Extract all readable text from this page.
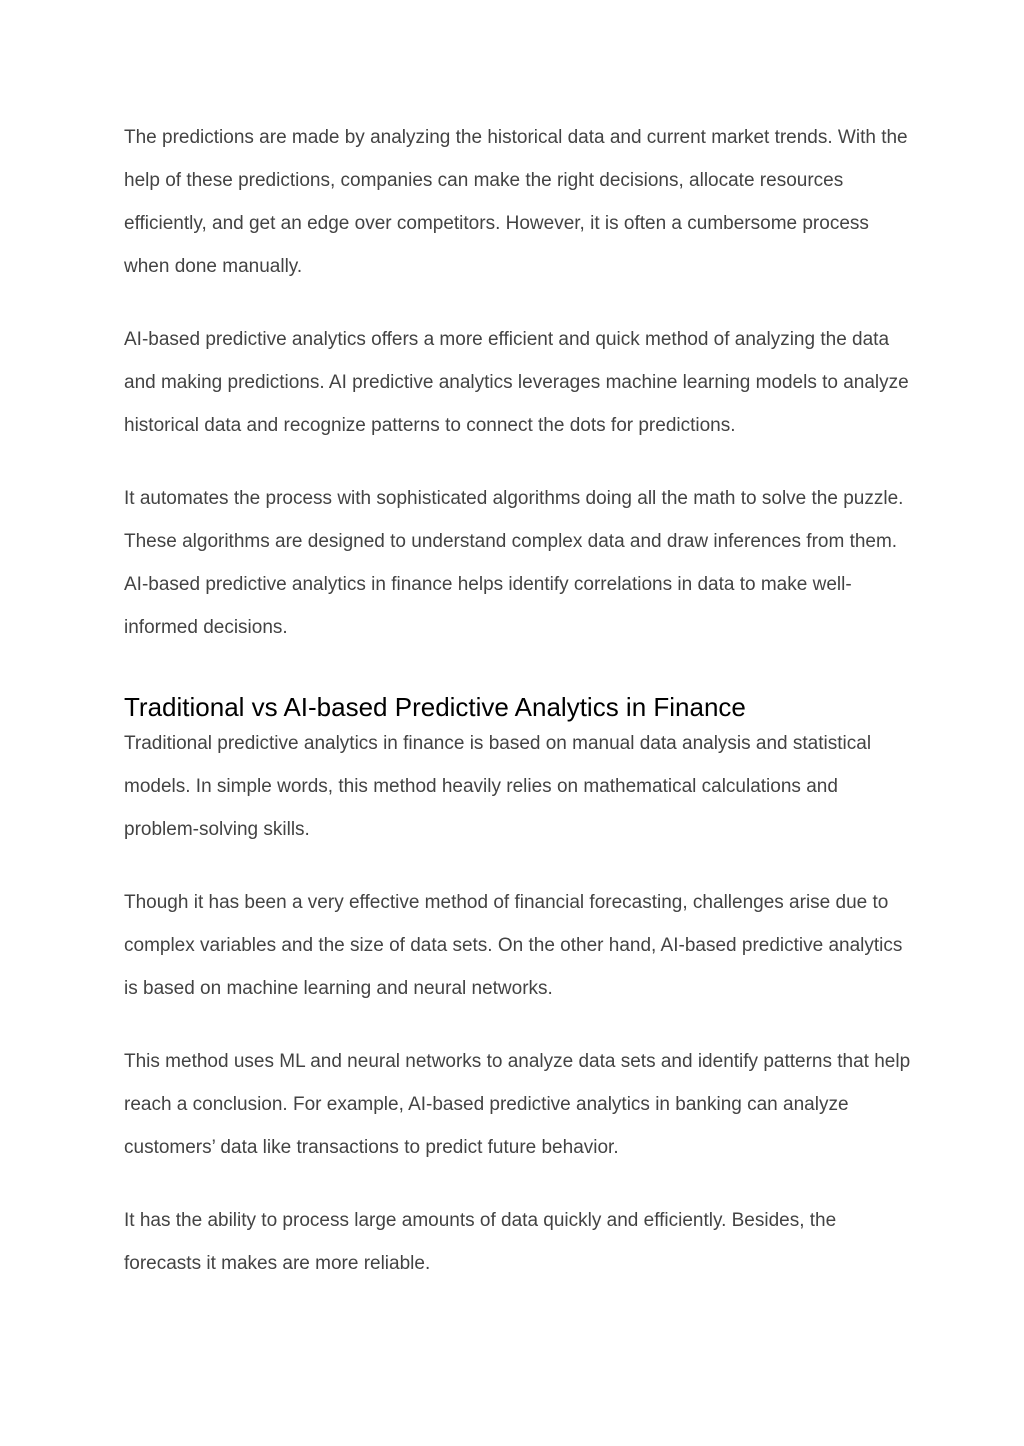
The predictions are made by analyzing the historical data and current market trends. With the help of these predictions, companies can make the right decisions, allocate resources efficiently, and get an edge over competitors. However, it is often a cumbersome process when done manually.

AI-based predictive analytics offers a more efficient and quick method of analyzing the data and making predictions. AI predictive analytics leverages machine learning models to analyze historical data and recognize patterns to connect the dots for predictions.

It automates the process with sophisticated algorithms doing all the math to solve the puzzle. These algorithms are designed to understand complex data and draw inferences from them. AI-based predictive analytics in finance helps identify correlations in data to make well-informed decisions.

Traditional vs AI-based Predictive Analytics in Finance

Traditional predictive analytics in finance is based on manual data analysis and statistical models. In simple words, this method heavily relies on mathematical calculations and problem-solving skills.

Though it has been a very effective method of financial forecasting, challenges arise due to complex variables and the size of data sets. On the other hand, AI-based predictive analytics is based on machine learning and neural networks.

This method uses ML and neural networks to analyze data sets and identify patterns that help reach a conclusion. For example, AI-based predictive analytics in banking can analyze customers’ data like transactions to predict future behavior.

It has the ability to process large amounts of data quickly and efficiently. Besides, the forecasts it makes are more reliable.
